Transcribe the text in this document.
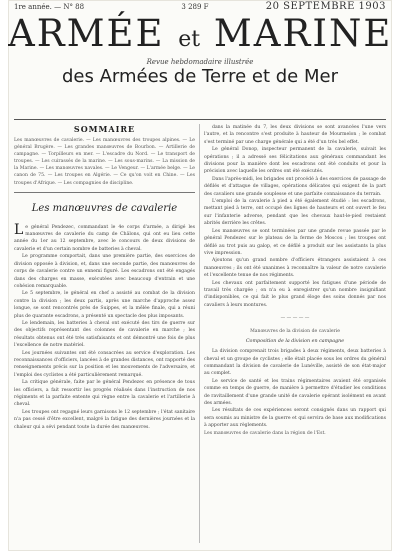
1re année. — N° 88	3 289 F	20 SEPTEMBRE 1903
ARMÉE et MARINE
Revue hebdomadaire illustrée
des Armées de Terre et de Mer
SOMMAIRE
Les manœuvres de cavalerie. — Les manœuvres des troupes alpines. — Le général Brugère. — Les grandes manœuvres de Bourbon. — Artillerie de campagne. — Torpilleurs en mer. — L'escadre du Nord. — Le transport de troupes. — Les cuirassés de la marine. — Les sous-marins. — La mission de la Marine. — Les manœuvres navales. — Le Vengeur. — L'armée belge. — Le canon de 75. — Les troupes en Algérie. — Ce qu'on voit en Chine. — Les troupes d'Afrique. — Les compagnies de discipline.
Les manœuvres de cavalerie
L e général Pendezec, commandant le 4e corps d'armée, a dirigé les manœuvres de cavalerie du camp de Châlons, qui ont eu lieu cette année du 1er au 12 septembre, avec le concours de deux divisions de cavalerie et d'un certain nombre de batteries à cheval.

Le programme comportait, dans une première partie, des exercices de division opposée à division, et, dans une seconde partie, des manœuvres de corps de cavalerie contre un ennemi figuré. Les escadrons ont été engagés dans des charges en masse, exécutées avec beaucoup d'entrain et une cohésion remarquable.

Le 5 septembre, le général en chef a assisté au combat de la division contre la division ; les deux partis, après une marche d'approche assez longue, se sont rencontrés près de Suippes, et la mêlée finale, qui a réuni plus de quarante escadrons, a présenté un spectacle des plus imposants.

Le lendemain, les batteries à cheval ont exécuté des tirs de guerre sur des objectifs représentant des colonnes de cavalerie en marche ; les résultats obtenus ont été très satisfaisants et ont démontré une fois de plus l'excellence de notre matériel.

Les journées suivantes ont été consacrées au service d'exploration. Les reconnaissances d'officiers, lancées à de grandes distances, ont rapporté des renseignements précis sur la position et les mouvements de l'adversaire, et l'emploi des cyclistes a été particulièrement remarqué.

La critique générale, faite par le général Pendezec en présence de tous les officiers, a fait ressortir les progrès réalisés dans l'instruction de nos régiments et la parfaite entente qui règne entre la cavalerie et l'artillerie à cheval.

Les troupes ont regagné leurs garnisons le 12 septembre ; l'état sanitaire n'a pas cessé d'être excellent, malgré la fatigue des dernières journées et la chaleur qui a sévi pendant toute la durée des manœuvres.

dans la matinée du 7, les deux divisions se sont avancées l'une vers l'autre, et la rencontre s'est produite à hauteur de Mourmelon ; le combat s'est terminé par une charge générale qui a été d'un très bel effet.

Le général Donop, inspecteur permanent de la cavalerie, suivait les opérations ; il a adressé ses félicitations aux généraux commandant les divisions pour la manière dont les escadrons ont été conduits et pour la précision avec laquelle les ordres ont été exécutés.

Dans l'après-midi, les brigades ont procédé à des exercices de passage de défilés et d'attaque de villages, opérations délicates qui exigent de la part des cavaliers une grande souplesse et une parfaite connaissance du terrain.

L'emploi de la cavalerie à pied a été également étudié : les escadrons, mettant pied à terre, ont occupé des lignes de hauteurs et ont ouvert le feu sur l'infanterie adverse, pendant que les chevaux haut-le-pied restaient abrités derrière les crêtes.

Les manœuvres se sont terminées par une grande revue passée par le général Pendezec sur le plateau de la ferme de Moscou ; les troupes ont défilé au trot puis au galop, et ce défilé a produit sur les assistants la plus vive impression.

Ajoutons qu'un grand nombre d'officiers étrangers assistaient à ces manœuvres ; ils ont été unanimes à reconnaître la valeur de notre cavalerie et l'excellente tenue de nos régiments.

Les chevaux ont parfaitement supporté les fatigues d'une période de travail très chargée ; on n'a eu à enregistrer qu'un nombre insignifiant d'indisponibles, ce qui fait le plus grand éloge des soins donnés par nos cavaliers à leurs montures.

— — — — —
Manœuvres de la division de cavalerie
Composition de la division en campagne

La division comprenait trois brigades à deux régiments, deux batteries à cheval et un groupe de cyclistes ; elle était placée sous les ordres du général commandant la division de cavalerie de Lunéville, assisté de son état-major au complet.

Le service de santé et les trains régimentaires avaient été organisés comme en temps de guerre, de manière à permettre d'étudier les conditions de ravitaillement d'une grande unité de cavalerie opérant isolément en avant des armées.

Les résultats de ces expériences seront consignés dans un rapport qui sera soumis au ministre de la guerre et qui servira de base aux modifications à apporter aux règlements.

Les manœuvres de cavalerie dans la région de l'Est.
